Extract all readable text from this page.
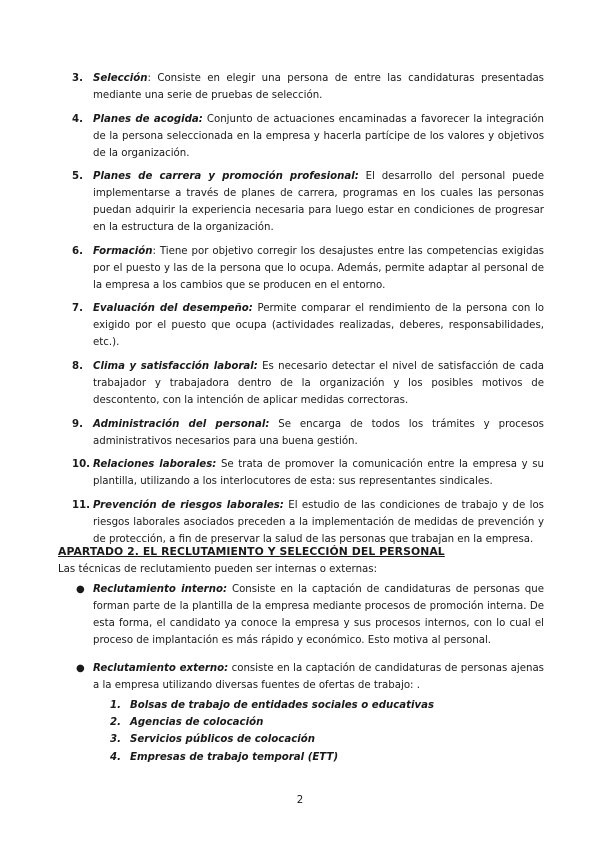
3. Selección: Consiste en elegir una persona de entre las candidaturas presentadas mediante una serie de pruebas de selección.
4. Planes de acogida: Conjunto de actuaciones encaminadas a favorecer la integración de la persona seleccionada en la empresa y hacerla partícipe de los valores y objetivos de la organización.
5. Planes de carrera y promoción profesional: El desarrollo del personal puede implementarse a través de planes de carrera, programas en los cuales las personas puedan adquirir la experiencia necesaria para luego estar en condiciones de progresar en la estructura de la organización.
6. Formación: Tiene por objetivo corregir los desajustes entre las competencias exigidas por el puesto y las de la persona que lo ocupa. Además, permite adaptar al personal de la empresa a los cambios que se producen en el entorno.
7. Evaluación del desempeño: Permite comparar el rendimiento de la persona con lo exigido por el puesto que ocupa (actividades realizadas, deberes, responsabilidades, etc.).
8. Clima y satisfacción laboral: Es necesario detectar el nivel de satisfacción de cada trabajador y trabajadora dentro de la organización y los posibles motivos de descontento, con la intención de aplicar medidas correctoras.
9. Administración del personal: Se encarga de todos los trámites y procesos administrativos necesarios para una buena gestión.
10. Relaciones laborales: Se trata de promover la comunicación entre la empresa y su plantilla, utilizando a los interlocutores de esta: sus representantes sindicales.
11. Prevención de riesgos laborales: El estudio de las condiciones de trabajo y de los riesgos laborales asociados preceden a la implementación de medidas de prevención y de protección, a fin de preservar la salud de las personas que trabajan en la empresa.
APARTADO 2. EL RECLUTAMIENTO Y SELECCIÓN DEL PERSONAL
Las técnicas de reclutamiento pueden ser internas o externas:
● Reclutamiento interno: Consiste en la captación de candidaturas de personas que forman parte de la plantilla de la empresa mediante procesos de promoción interna. De esta forma, el candidato ya conoce la empresa y sus procesos internos, con lo cual el proceso de implantación es más rápido y económico. Esto motiva al personal.
● Reclutamiento externo: consiste en la captación de candidaturas de personas ajenas a la empresa utilizando diversas fuentes de ofertas de trabajo: .
1. Bolsas de trabajo de entidades sociales o educativas
2. Agencias de colocación
3. Servicios públicos de colocación
4. Empresas de trabajo temporal (ETT)
2
